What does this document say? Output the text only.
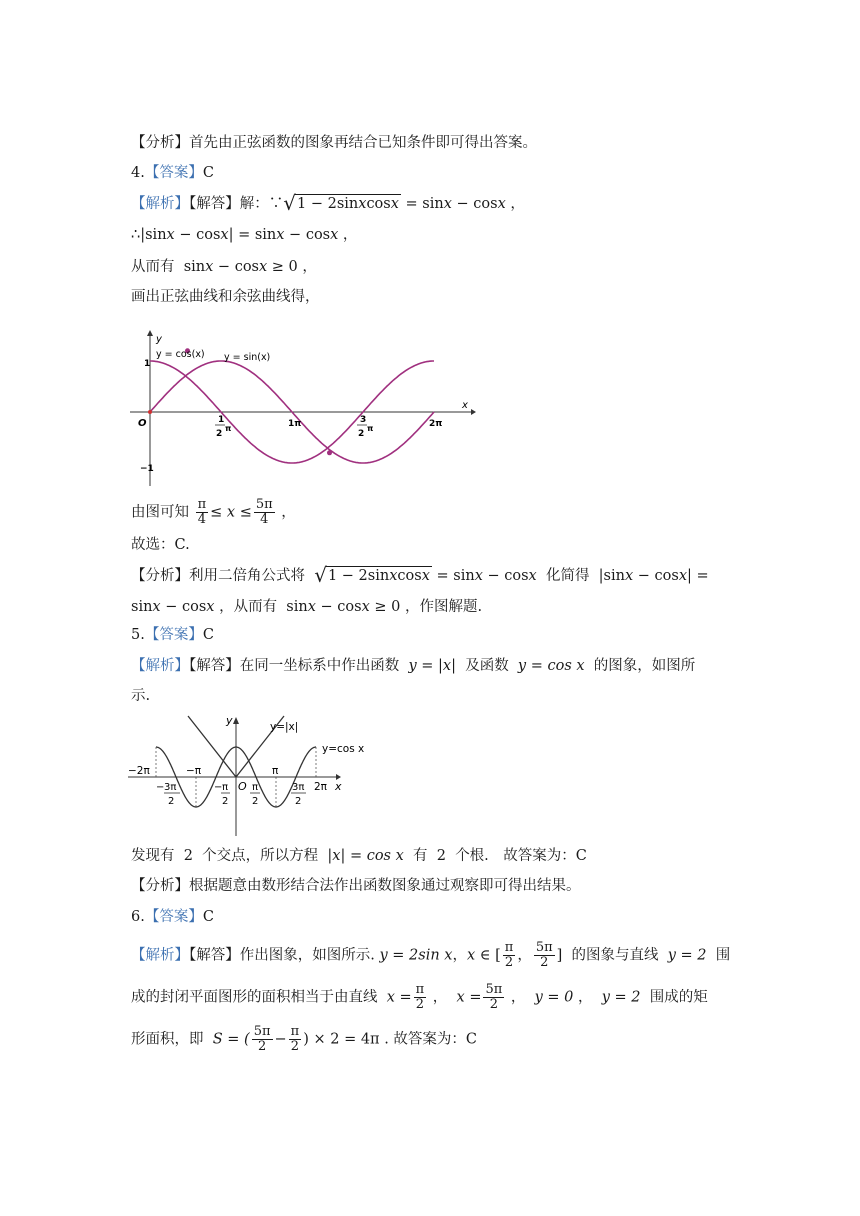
【分析】首先由正弦函数的图象再结合已知条件即可得出答案。
4.【答案】C
【解析】【解答】解：∵√1 − 2sinxcosx = sinx − cosx ，
∴|sinx − cosx| = sinx − cosx ，
从而有 sinx − cosx ≥ 0 ，
画出正弦曲线和余弦曲线得，
y
x
O
1
−1
y = cos(x) y = sin(x)
1
2
π	1π	3
2
π	2π
由图可知 $\frac{\pi}{4} \le x \le \frac{5\pi}{4}$ ，
故选：C.
【分析】利用二倍角公式将 √1 − 2sinxcosx = sinx − cosx 化简得 |sinx − cosx| =
sinx − cosx ，从而有 sinx − cosx ≥ 0 ，作图解题.
5.【答案】C
【解析】【解答】在同一坐标系中作出函数 y = |x| 及函数 y = cos x 的图象，如图所
示.
y	y=|x|
y=cos x
−2π	−π	π
2π
O	x
3π
−
2
− π
2
π
2
3π
2
发现有 2 个交点，所以方程 |x| = cos x 有 2 个根.　故答案为：C
【分析】根据题意由数形结合法作出函数图象通过观察即可得出结果。
6.【答案】C
【解析】【解答】作出图象，如图所示. y = 2sin x，x ∈ [ $\frac{\pi}{2}$ ， $\frac{5\pi}{2}$ ] 的图象与直线 y = 2 围
成的封闭平面图形的面积相当于由直线 $x = \frac{\pi}{2}$ ， $x = \frac{5\pi}{2}$ ， y = 0 ， y = 2 围成的矩
形面积，即 S = ( $\frac{5\pi}{2} - \frac{\pi}{2}$ ) × 2 = 4π . 故答案为：C
